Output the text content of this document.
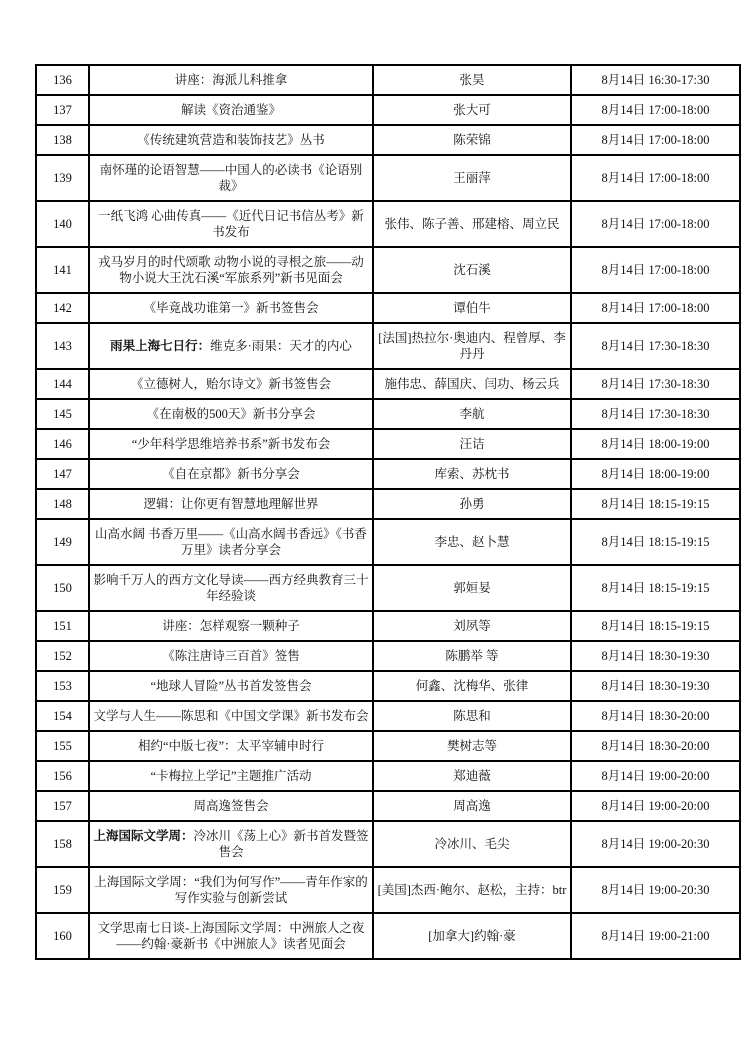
136	讲座：海派儿科推拿	张昊	8月14日 16:30-17:30
137	解读《资治通鉴》	张大可	8月14日 17:00-18:00
138	《传统建筑营造和装饰技艺》丛书	陈荣锦	8月14日 17:00-18:00
139	南怀瑾的论语智慧——中国人的必读书《论语别裁》	王丽萍	8月14日 17:00-18:00
140	一纸飞鸿 心曲传真——《近代日记书信丛考》新书发布	张伟、陈子善、邢建榕、周立民	8月14日 17:00-18:00
141	戎马岁月的时代颂歌 动物小说的寻根之旅——动物小说大王沈石溪“军旅系列”新书见面会	沈石溪	8月14日 17:00-18:00
142	《毕竟战功谁第一》新书签售会	谭伯牛	8月14日 17:00-18:00
143	雨果上海七日行：维克多·雨果：天才的内心	[法国]热拉尔·奥迪内、程曾厚、李丹丹	8月14日 17:30-18:30
144	《立德树人，贻尔诗文》新书签售会	施伟忠、薛国庆、闫功、杨云兵	8月14日 17:30-18:30
145	《在南极的500天》新书分享会	李航	8月14日 17:30-18:30
146	“少年科学思维培养书系”新书发布会	汪诘	8月14日 18:00-19:00
147	《自在京都》新书分享会	库索、苏枕书	8月14日 18:00-19:00
148	逻辑：让你更有智慧地理解世界	孙勇	8月14日 18:15-19:15
149	山高水阔 书香万里——《山高水阔书香远》《书香万里》读者分享会	李忠、赵卜慧	8月14日 18:15-19:15
150	影响千万人的西方文化导读——西方经典教育三十年经验谈	郭姮妟	8月14日 18:15-19:15
151	讲座：怎样观察一颗种子	刘夙等	8月14日 18:15-19:15
152	《陈注唐诗三百首》签售	陈鹏举 等	8月14日 18:30-19:30
153	“地球人冒险”丛书首发签售会	何鑫、沈梅华、张律	8月14日 18:30-19:30
154	文学与人生——陈思和《中国文学课》新书发布会	陈思和	8月14日 18:30-20:00
155	相约“中版七夜”：太平宰辅申时行	樊树志等	8月14日 18:30-20:00
156	“卡梅拉上学记”主题推广活动	郑迪薇	8月14日 19:00-20:00
157	周高逸签售会	周高逸	8月14日 19:00-20:00
158	上海国际文学周：冷冰川《荡上心》新书首发暨签售会	冷冰川、毛尖	8月14日 19:00-20:30
159	上海国际文学周：“我们为何写作”——青年作家的写作实验与创新尝试	[美国]杰西·鲍尔、赵松，主持：btr	8月14日 19:00-20:30
160	文学思南七日谈-上海国际文学周：中洲旅人之夜——约翰·豪新书《中洲旅人》读者见面会	[加拿大]约翰·豪	8月14日 19:00-21:00
